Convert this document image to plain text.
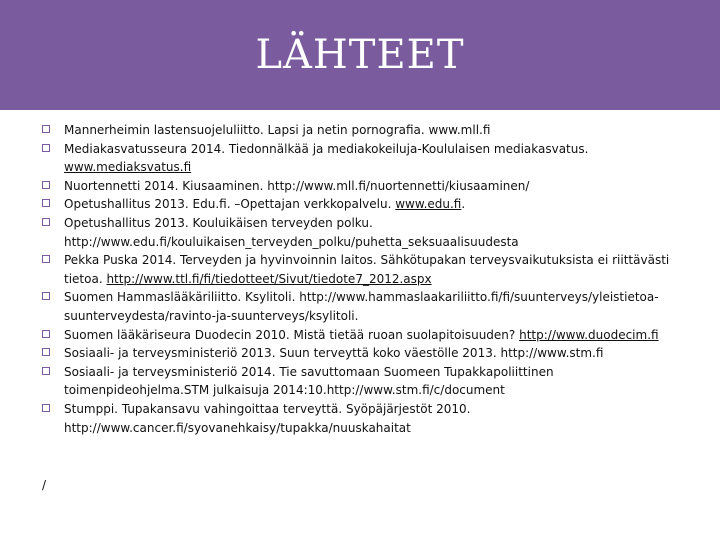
LÄHTEET
Mannerheimin lastensuojeluliitto. Lapsi ja netin pornografia. www.mll.fi
Mediakasvatusseura 2014. Tiedonnälkää ja mediakokeiluja-Koululaisen mediakasvatus. www.mediaksvatus.fi
Nuortennetti 2014. Kiusaaminen. http://www.mll.fi/nuortennetti/kiusaaminen/
Opetushallitus 2013. Edu.fi. –Opettajan verkkopalvelu. www.edu.fi.
Opetushallitus 2013. Kouluikäisen terveyden polku. http://www.edu.fi/kouluikaisen_terveyden_polku/puhetta_seksuaalisuudesta
Pekka Puska 2014. Terveyden ja hyvinvoinnin laitos. Sähkötupakan terveysvaikutuksista ei riittävästi tietoa. http://www.ttl.fi/fi/tiedotteet/Sivut/tiedote7_2012.aspx
Suomen Hammaslääkäriliitto. Ksylitoli. http://www.hammaslaakariliitto.fi/fi/suunterveys/yleistietoa-suunterveydesta/ravinto-ja-suunterveys/ksylitoli.
Suomen lääkäriseura Duodecin 2010. Mistä tietää ruoan suolapitoisuuden? http://www.duodecim.fi
Sosiaali- ja terveysministeriö 2013. Suun terveyttä koko väestölle 2013. http://www.stm.fi
Sosiaali- ja terveysministeriö 2014. Tie savuttomaan Suomeen Tupakkapoliittinen toimenpideohjelma.STM julkaisuja 2014:10.http://www.stm.fi/c/document
Stumppi. Tupakansavu vahingoittaa terveyttä. Syöpäjärjestöt 2010. http://www.cancer.fi/syovanehkaisy/tupakka/nuuskahaitat
/
